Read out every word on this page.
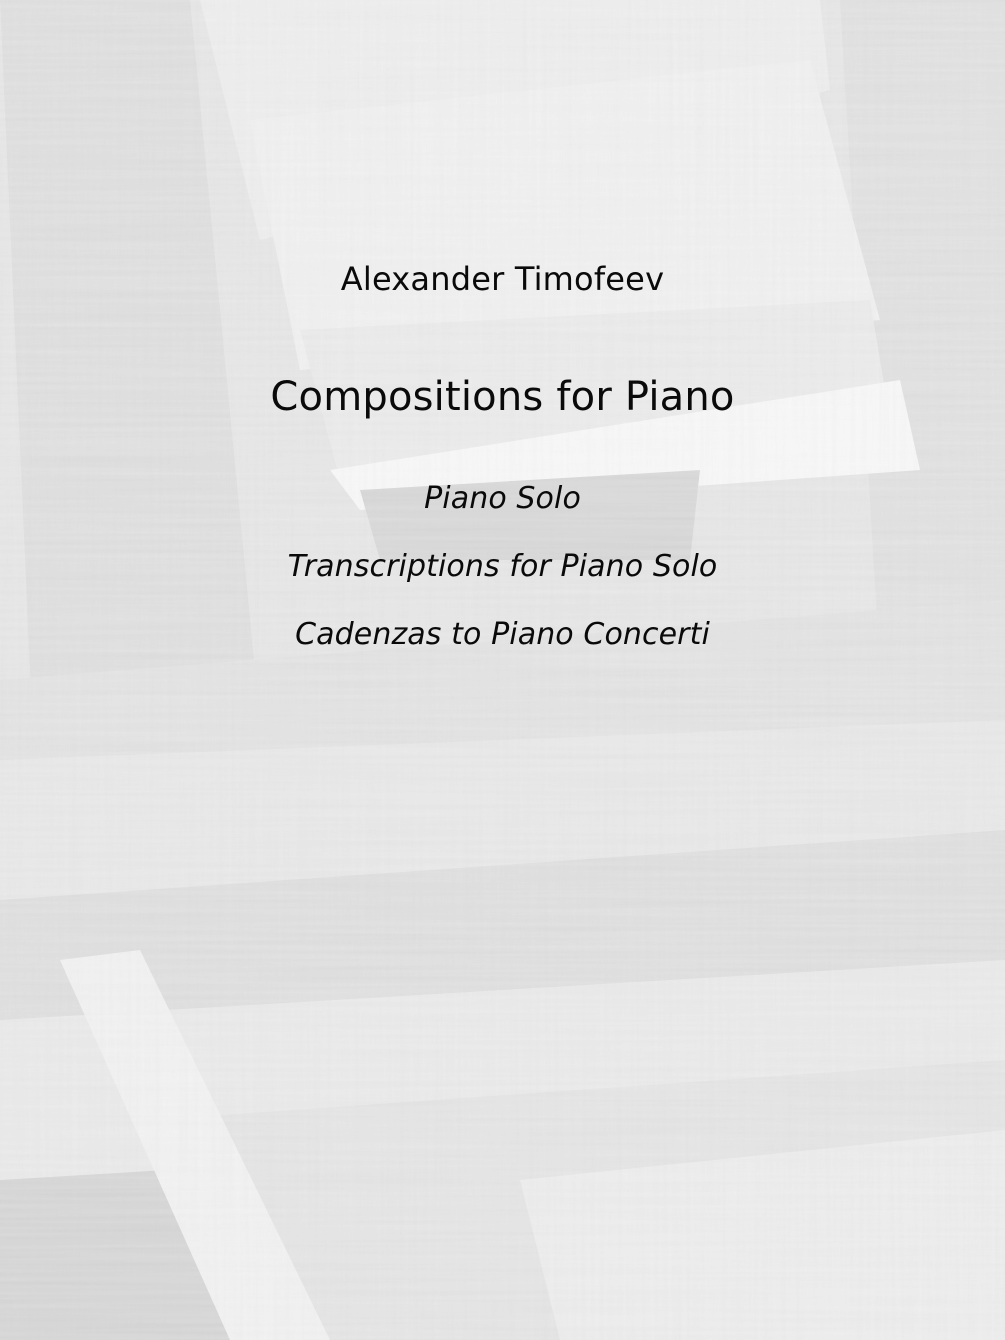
Alexander Timofeev
Compositions for Piano
Piano Solo
Transcriptions for Piano Solo
Cadenzas to Piano Concerti
